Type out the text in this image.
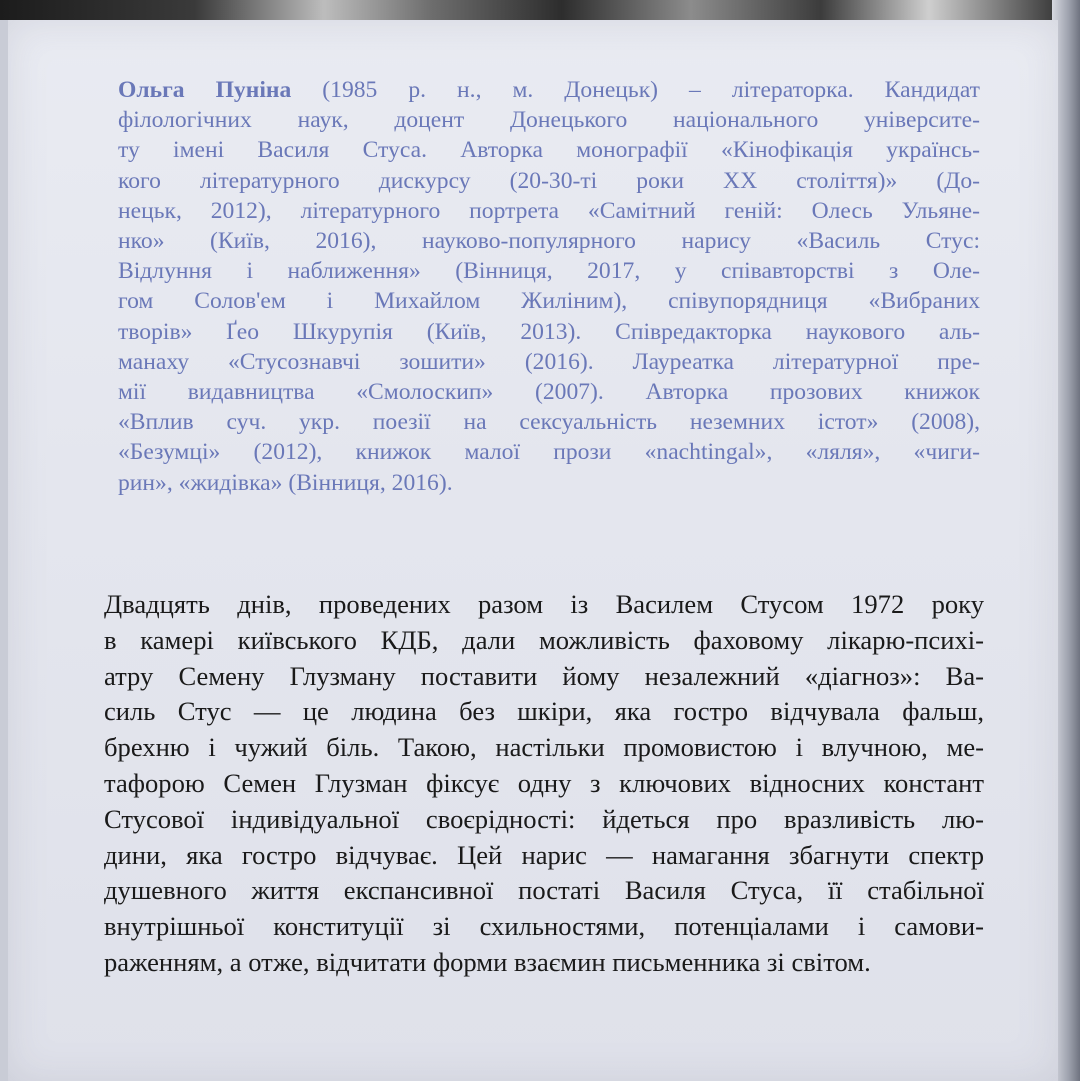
Ольга Пуніна (1985 р. н., м. Донецьк) – літераторка. Кандидат
філологічних наук, доцент Донецького національного університе-
ту імені Василя Стуса. Авторка монографії «Кінофікація українсь-
кого літературного дискурсу (20-30-ті роки ХХ століття)» (До-
нецьк, 2012), літературного портрета «Самітний геній: Олесь Ульяне-
нко» (Київ, 2016), науково-популярного нарису «Василь Стус:
Відлуння і наближення» (Вінниця, 2017, у співавторстві з Оле-
гом Солов'ем і Михайлом Жиліним), співупорядниця «Вибраних
творів» Ґео Шкурупія (Київ, 2013). Співредакторка наукового аль-
манаху «Стусознавчі зошити» (2016). Лауреатка літературної пре-
мії видавництва «Смолоскип» (2007). Авторка прозових книжок
«Вплив суч. укр. поезії на сексуальність неземних істот» (2008),
«Безумці» (2012), книжок малої прози «nachtingal», «ляля», «чиги-
рин», «жидівка» (Вінниця, 2016).
Двадцять днів, проведених разом із Василем Стусом 1972 року
в камері київського КДБ, дали можливість фаховому лікарю-психі-
атру Семену Глузману поставити йому незалежний «діагноз»: Ва-
силь Стус — це людина без шкіри, яка гостро відчувала фальш,
брехню і чужий біль. Такою, настільки промовистою і влучною, ме-
тафорою Семен Глузман фіксує одну з ключових відносних констант
Стусової індивідуальної своєрідності: йдеться про вразливість лю-
дини, яка гостро відчуває. Цей нарис — намагання збагнути спектр
душевного життя експансивної постаті Василя Стуса, її стабільної
внутрішньої конституції зі схильностями, потенціалами і самови-
раженням, а отже, відчитати форми взаємин письменника зі світом.
